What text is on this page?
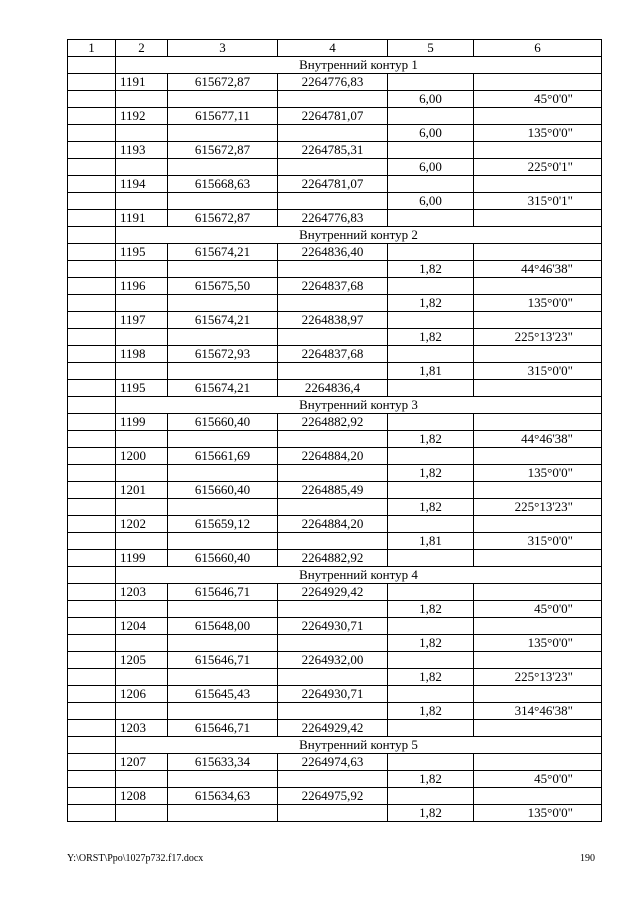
1	2	3	4	5	6
	Внутренний контур 1				
	1191	615672,87	2264776,83		
				6,00	45°0'0"
	1192	615677,11	2264781,07		
				6,00	135°0'0"
	1193	615672,87	2264785,31		
				6,00	225°0'1"
	1194	615668,63	2264781,07		
				6,00	315°0'1"
	1191	615672,87	2264776,83		
	Внутренний контур 2				
	1195	615674,21	2264836,40		
				1,82	44°46'38"
	1196	615675,50	2264837,68		
				1,82	135°0'0"
	1197	615674,21	2264838,97		
				1,82	225°13'23"
	1198	615672,93	2264837,68		
				1,81	315°0'0"
	1195	615674,21	2264836,4		
	Внутренний контур 3				
	1199	615660,40	2264882,92		
				1,82	44°46'38"
	1200	615661,69	2264884,20		
				1,82	135°0'0"
	1201	615660,40	2264885,49		
				1,82	225°13'23"
	1202	615659,12	2264884,20		
				1,81	315°0'0"
	1199	615660,40	2264882,92		
	Внутренний контур 4				
	1203	615646,71	2264929,42		
				1,82	45°0'0"
	1204	615648,00	2264930,71		
				1,82	135°0'0"
	1205	615646,71	2264932,00		
				1,82	225°13'23"
	1206	615645,43	2264930,71		
				1,82	314°46'38"
	1203	615646,71	2264929,42		
	Внутренний контур 5				
	1207	615633,34	2264974,63		
				1,82	45°0'0"
	1208	615634,63	2264975,92		
				1,82	135°0'0"
Y:\ORST\Ppo\1027p732.f17.docx	190
